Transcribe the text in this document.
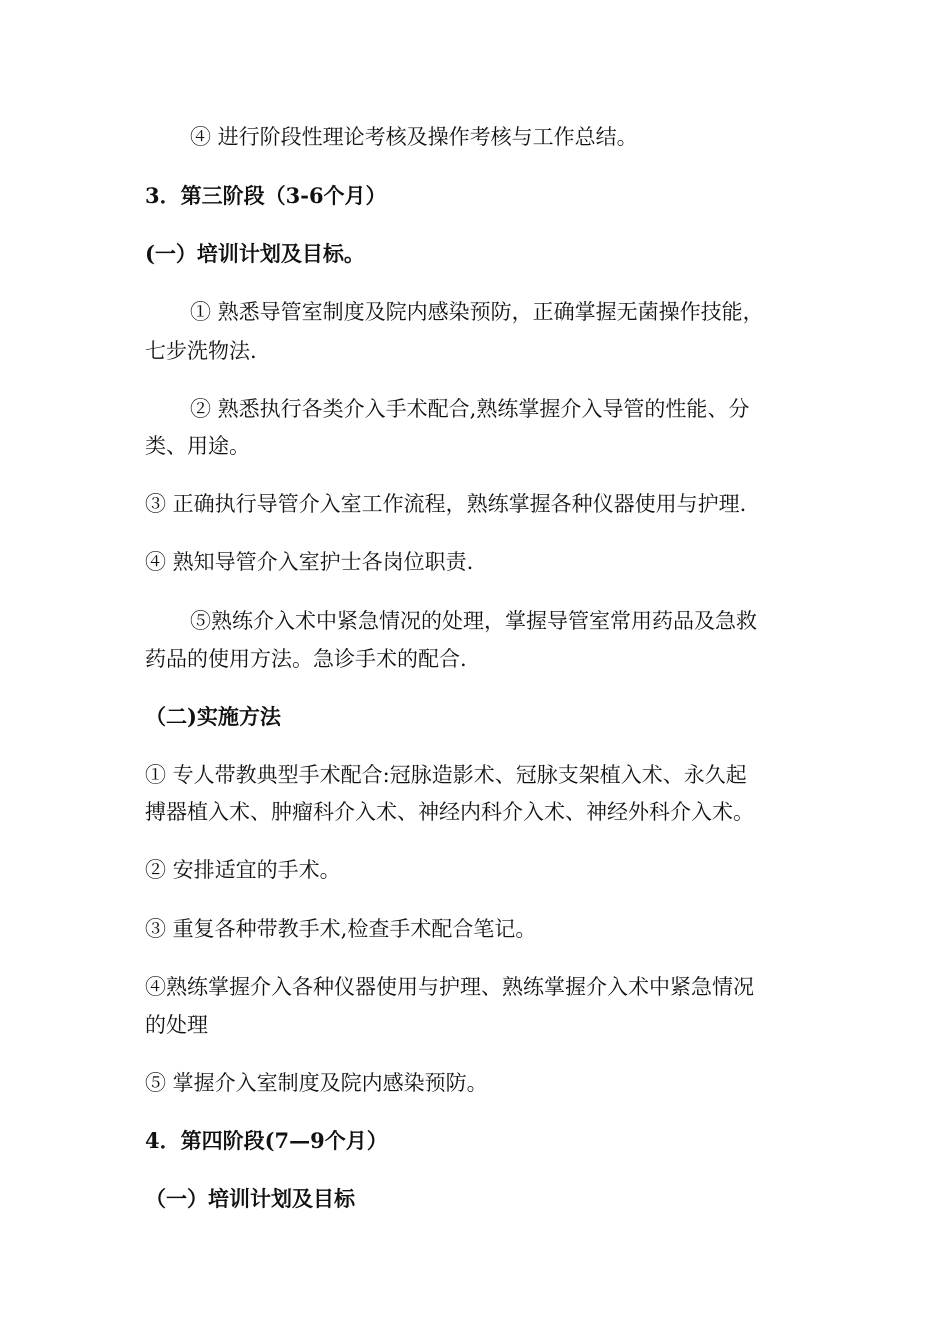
④ 进行阶段性理论考核及操作考核与工作总结。
3．第三阶段（3-6个月）
(一）培训计划及目标。
① 熟悉导管室制度及院内感染预防，正确掌握无菌操作技能，
七步洗物法.
② 熟悉执行各类介入手术配合,熟练掌握介入导管的性能、分
类、用途。
③ 正确执行导管介入室工作流程，熟练掌握各种仪器使用与护理.
④ 熟知导管介入室护士各岗位职责.
⑤熟练介入术中紧急情况的处理，掌握导管室常用药品及急救
药品的使用方法。急诊手术的配合.
（二)实施方法
① 专人带教典型手术配合:冠脉造影术、冠脉支架植入术、永久起
搏器植入术、肿瘤科介入术、神经内科介入术、神经外科介入术。
② 安排适宜的手术。
③ 重复各种带教手术,检查手术配合笔记。
④熟练掌握介入各种仪器使用与护理、熟练掌握介入术中紧急情况
的处理
⑤ 掌握介入室制度及院内感染预防。
4．第四阶段(7—9个月）
（一）培训计划及目标
